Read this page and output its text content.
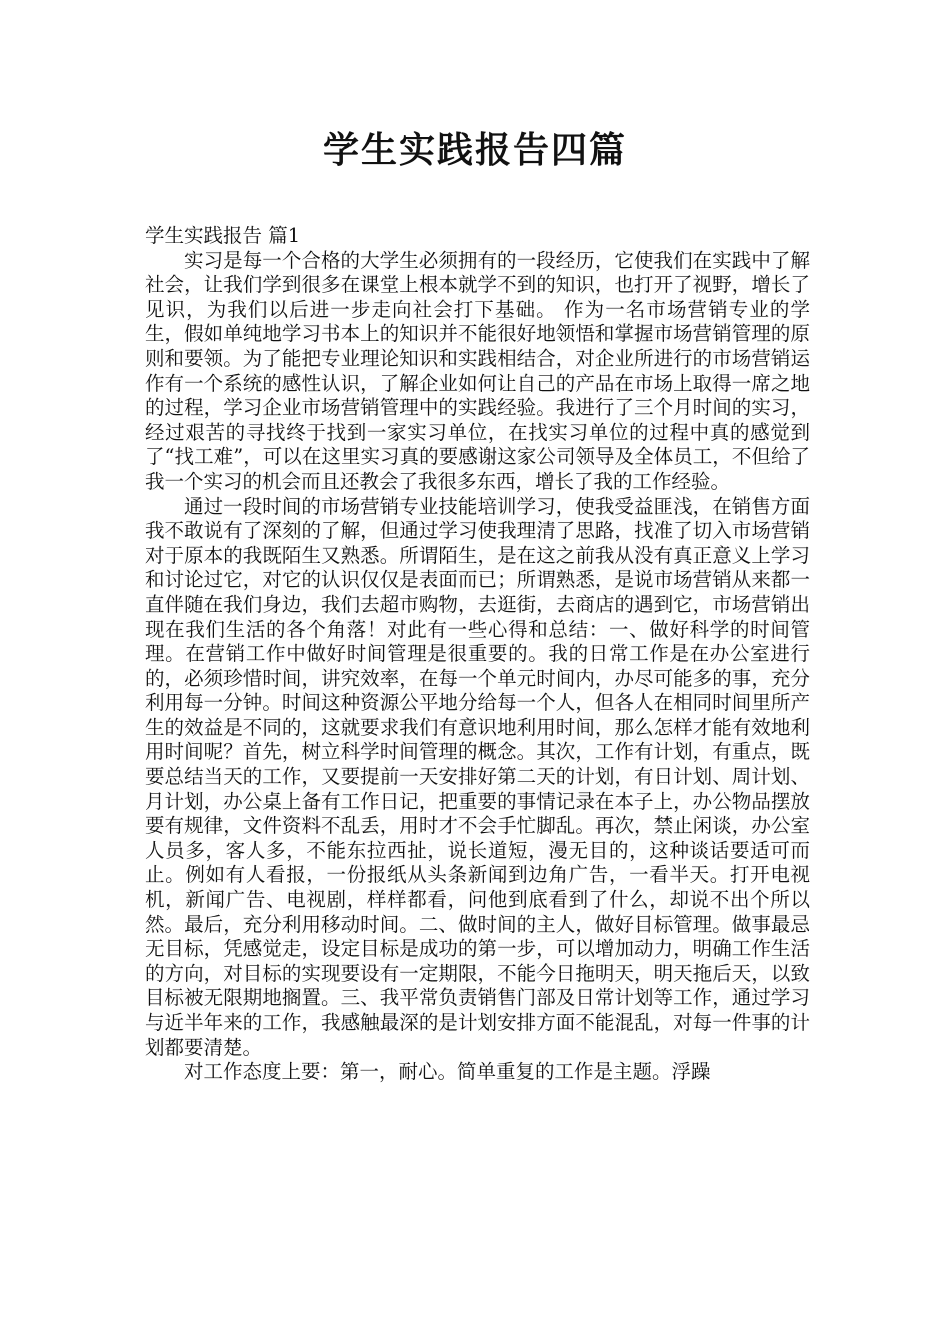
学生实践报告四篇

学生实践报告 篇1

实习是每一个合格的大学生必须拥有的一段经历，它使我们在实践中了解社会，让我们学到很多在课堂上根本就学不到的知识，也打开了视野，增长了见识，为我们以后进一步走向社会打下基础。 作为一名市场营销专业的学生，假如单纯地学习书本上的知识并不能很好地领悟和掌握市场营销管理的原则和要领。为了能把专业理论知识和实践相结合，对企业所进行的市场营销运作有一个系统的感性认识，了解企业如何让自己的产品在市场上取得一席之地的过程，学习企业市场营销管理中的实践经验。我进行了三个月时间的实习，经过艰苦的寻找终于找到一家实习单位，在找实习单位的过程中真的感觉到了“找工难”，可以在这里实习真的要感谢这家公司领导及全体员工，不但给了我一个实习的机会而且还教会了我很多东西，增长了我的工作经验。

通过一段时间的市场营销专业技能培训学习，使我受益匪浅，在销售方面我不敢说有了深刻的了解，但通过学习使我理清了思路，找准了切入市场营销对于原本的我既陌生又熟悉。所谓陌生，是在这之前我从没有真正意义上学习和讨论过它，对它的认识仅仅是表面而已；所谓熟悉，是说市场营销从来都一直伴随在我们身边，我们去超市购物，去逛街，去商店的遇到它，市场营销出现在我们生活的各个角落！对此有一些心得和总结：一、做好科学的时间管理。在营销工作中做好时间管理是很重要的。我的日常工作是在办公室进行的，必须珍惜时间，讲究效率，在每一个单元时间内，办尽可能多的事，充分利用每一分钟。时间这种资源公平地分给每一个人，但各人在相同时间里所产生的效益是不同的，这就要求我们有意识地利用时间，那么怎样才能有效地利用时间呢？首先，树立科学时间管理的概念。其次，工作有计划，有重点，既要总结当天的工作，又要提前一天安排好第二天的计划，有日计划、周计划、月计划，办公桌上备有工作日记，把重要的事情记录在本子上，办公物品摆放要有规律，文件资料不乱丢，用时才不会手忙脚乱。再次，禁止闲谈，办公室人员多，客人多，不能东拉西扯，说长道短，漫无目的，这种谈话要适可而止。例如有人看报，一份报纸从头条新闻到边角广告，一看半天。打开电视机，新闻广告、电视剧，样样都看，问他到底看到了什么，却说不出个所以然。最后，充分利用移动时间。二、做时间的主人，做好目标管理。做事最忌无目标，凭感觉走，设定目标是成功的第一步，可以增加动力，明确工作生活的方向，对目标的实现要设有一定期限，不能今日拖明天，明天拖后天，以致目标被无限期地搁置。三、我平常负责销售门部及日常计划等工作，通过学习与近半年来的工作，我感触最深的是计划安排方面不能混乱，对每一件事的计划都要清楚。

对工作态度上要：第一，耐心。简单重复的工作是主题。浮躁
